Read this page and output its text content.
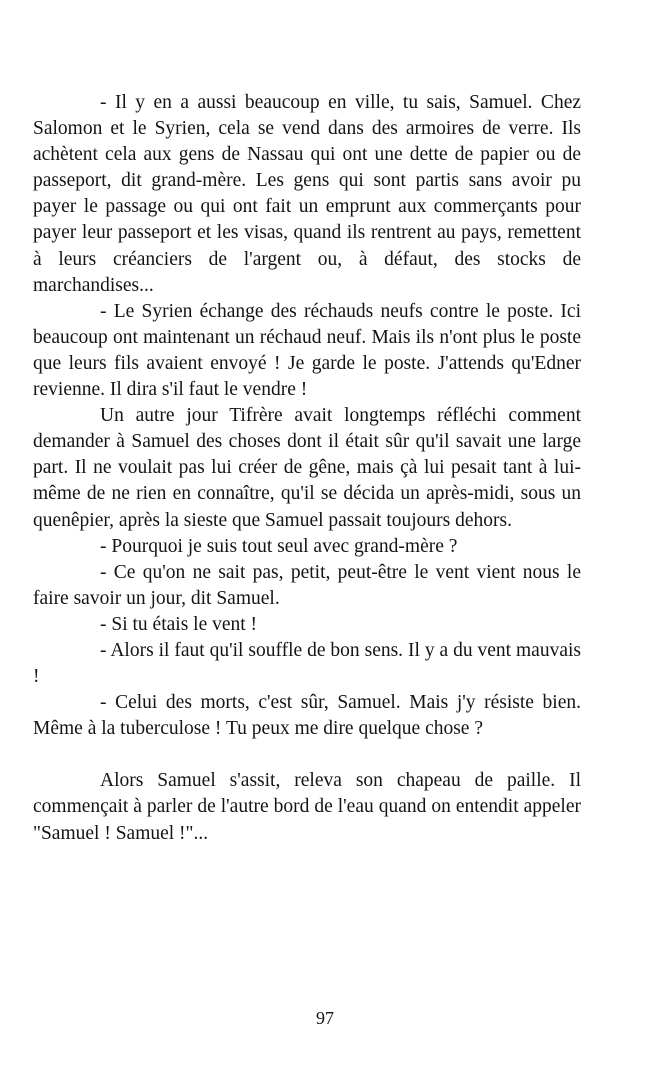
- Il y en a aussi beaucoup en ville, tu sais, Samuel. Chez Salomon et le Syrien, cela se vend dans des armoires de verre. Ils achètent cela aux gens de Nassau qui ont une dette de papier ou de passeport, dit grand-mère. Les gens qui sont partis sans avoir pu payer le passage ou qui ont fait un emprunt aux commerçants pour payer leur passeport et les visas, quand ils rentrent au pays, remettent à leurs créanciers de l'argent ou, à défaut, des stocks de marchandises...

- Le Syrien échange des réchauds neufs contre le poste. Ici beaucoup ont maintenant un réchaud neuf. Mais ils n'ont plus le poste que leurs fils avaient envoyé ! Je garde le poste. J'attends qu'Edner revienne. Il dira s'il faut le vendre !

Un autre jour Tifrère avait longtemps réfléchi comment demander à Samuel des choses dont il était sûr qu'il savait une large part. Il ne voulait pas lui créer de gêne, mais çà lui pesait tant à lui-même de ne rien en connaître, qu'il se décida un après-midi, sous un quenêpier, après la sieste que Samuel passait toujours dehors.

- Pourquoi je suis tout seul avec grand-mère ?

- Ce qu'on ne sait pas, petit, peut-être le vent vient nous le faire savoir un jour, dit Samuel.

- Si tu étais le vent !

- Alors il faut qu'il souffle de bon sens. Il y a du vent mauvais !

- Celui des morts, c'est sûr, Samuel. Mais j'y résiste bien. Même à la tuberculose ! Tu peux me dire quelque chose ?

Alors Samuel s'assit, releva son chapeau de paille. Il commençait à parler de l'autre bord de l'eau quand on entendit appeler "Samuel ! Samuel !"...

97
